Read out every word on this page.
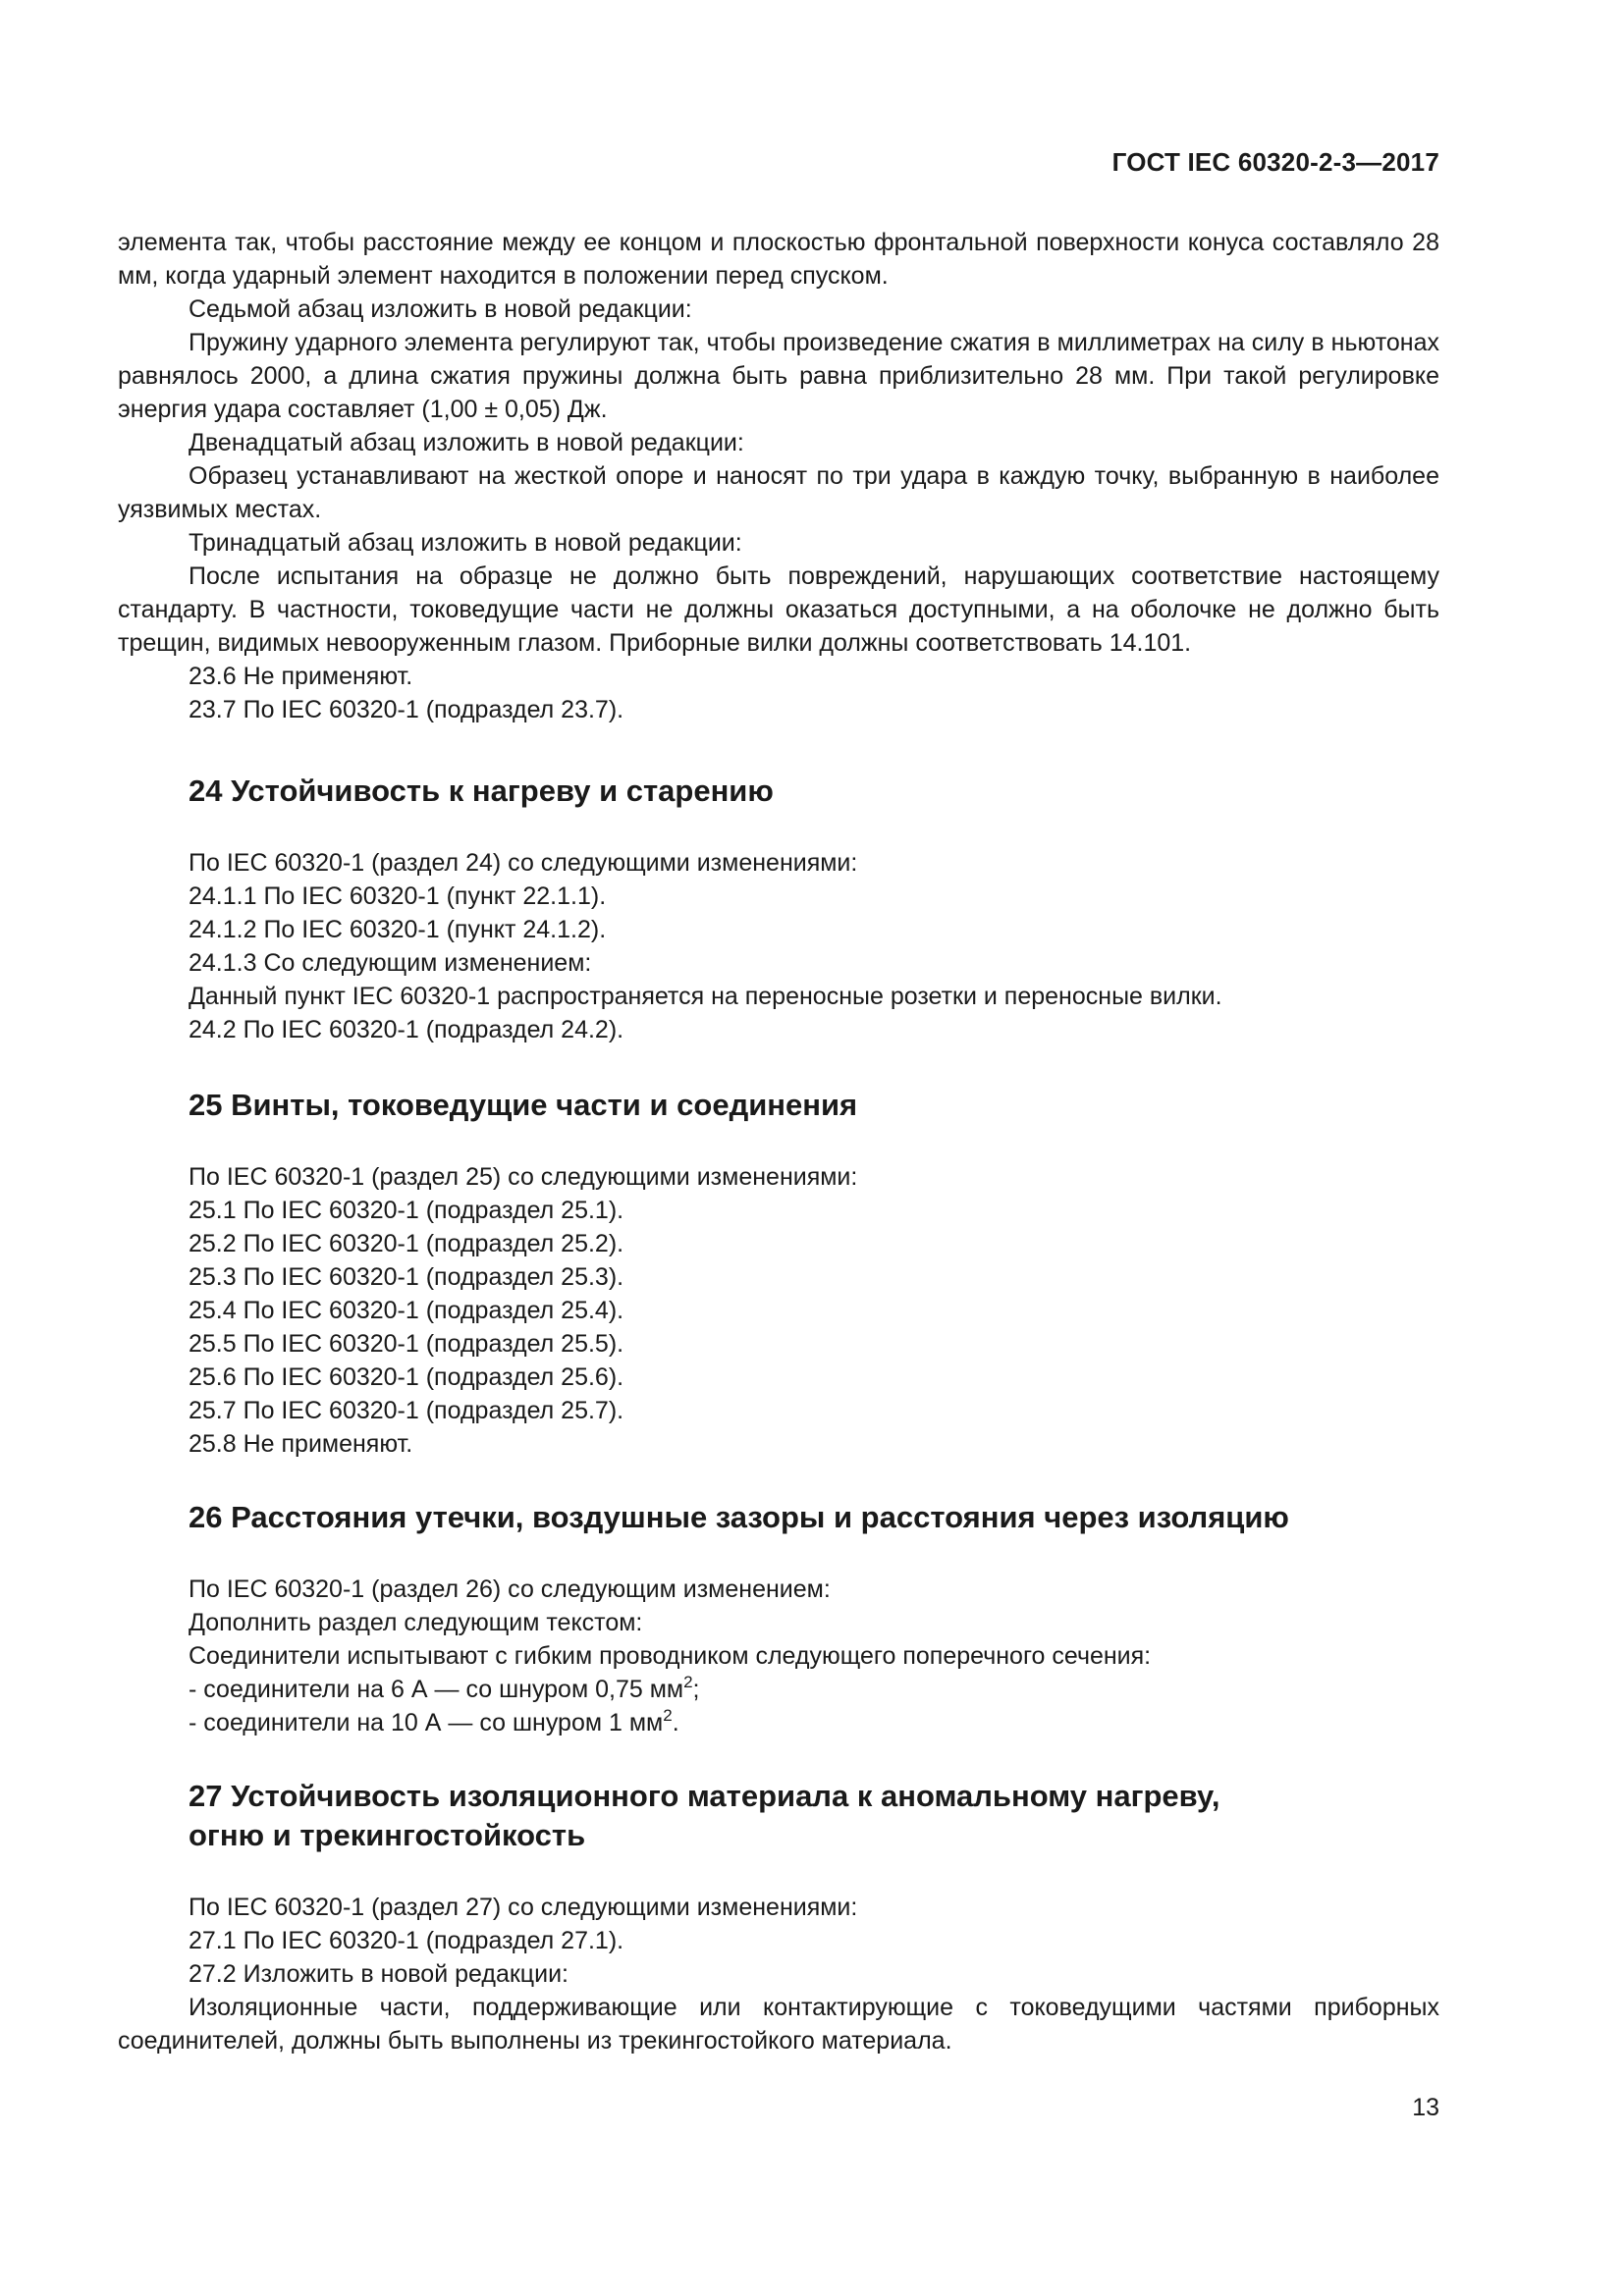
ГОСТ IEC 60320-2-3—2017

элемента так, чтобы расстояние между ее концом и плоскостью фронтальной поверхности конуса составляло 28 мм, когда ударный элемент находится в положении перед спуском.

Седьмой абзац изложить в новой редакции:

Пружину ударного элемента регулируют так, чтобы произведение сжатия в миллиметрах на силу в ньютонах равнялось 2000, а длина сжатия пружины должна быть равна приблизительно 28 мм. При такой регулировке энергия удара составляет (1,00 ± 0,05) Дж.

Двенадцатый абзац изложить в новой редакции:

Образец устанавливают на жесткой опоре и наносят по три удара в каждую точку, выбранную в наиболее уязвимых местах.

Тринадцатый абзац изложить в новой редакции:

После испытания на образце не должно быть повреждений, нарушающих соответствие настоящему стандарту. В частности, токоведущие части не должны оказаться доступными, а на оболочке не должно быть трещин, видимых невооруженным глазом. Приборные вилки должны соответствовать 14.101.

23.6 Не применяют.

23.7 По IEC 60320-1 (подраздел 23.7).

24 Устойчивость к нагреву и старению

По IEC 60320-1 (раздел 24) со следующими изменениями:

24.1.1 По IEC 60320-1 (пункт 22.1.1).

24.1.2 По IEC 60320-1 (пункт 24.1.2).

24.1.3 Со следующим изменением:

Данный пункт IEC 60320-1 распространяется на переносные розетки и переносные вилки.

24.2 По IEC 60320-1 (подраздел 24.2).

25 Винты, токоведущие части и соединения

По IEC 60320-1 (раздел 25) со следующими изменениями:

25.1 По IEC 60320-1 (подраздел 25.1).

25.2 По IEC 60320-1 (подраздел 25.2).

25.3 По IEC 60320-1 (подраздел 25.3).

25.4 По IEC 60320-1 (подраздел 25.4).

25.5 По IEC 60320-1 (подраздел 25.5).

25.6 По IEC 60320-1 (подраздел 25.6).

25.7 По IEC 60320-1 (подраздел 25.7).

25.8 Не применяют.

26 Расстояния утечки, воздушные зазоры и расстояния через изоляцию

По IEC 60320-1 (раздел 26) со следующим изменением:

Дополнить раздел следующим текстом:

Соединители испытывают с гибким проводником следующего поперечного сечения:

- соединители на 6 А — со шнуром 0,75 $мм^2$;

- соединители на 10 А — со шнуром 1 $мм^2$.

27 Устойчивость изоляционного материала к аномальному нагреву,
огню и трекингостойкость

По IEC 60320-1 (раздел 27) со следующими изменениями:

27.1 По IEC 60320-1 (подраздел 27.1).

27.2 Изложить в новой редакции:

Изоляционные части, поддерживающие или контактирующие с токоведущими частями приборных соединителей, должны быть выполнены из трекингостойкого материала.

13
